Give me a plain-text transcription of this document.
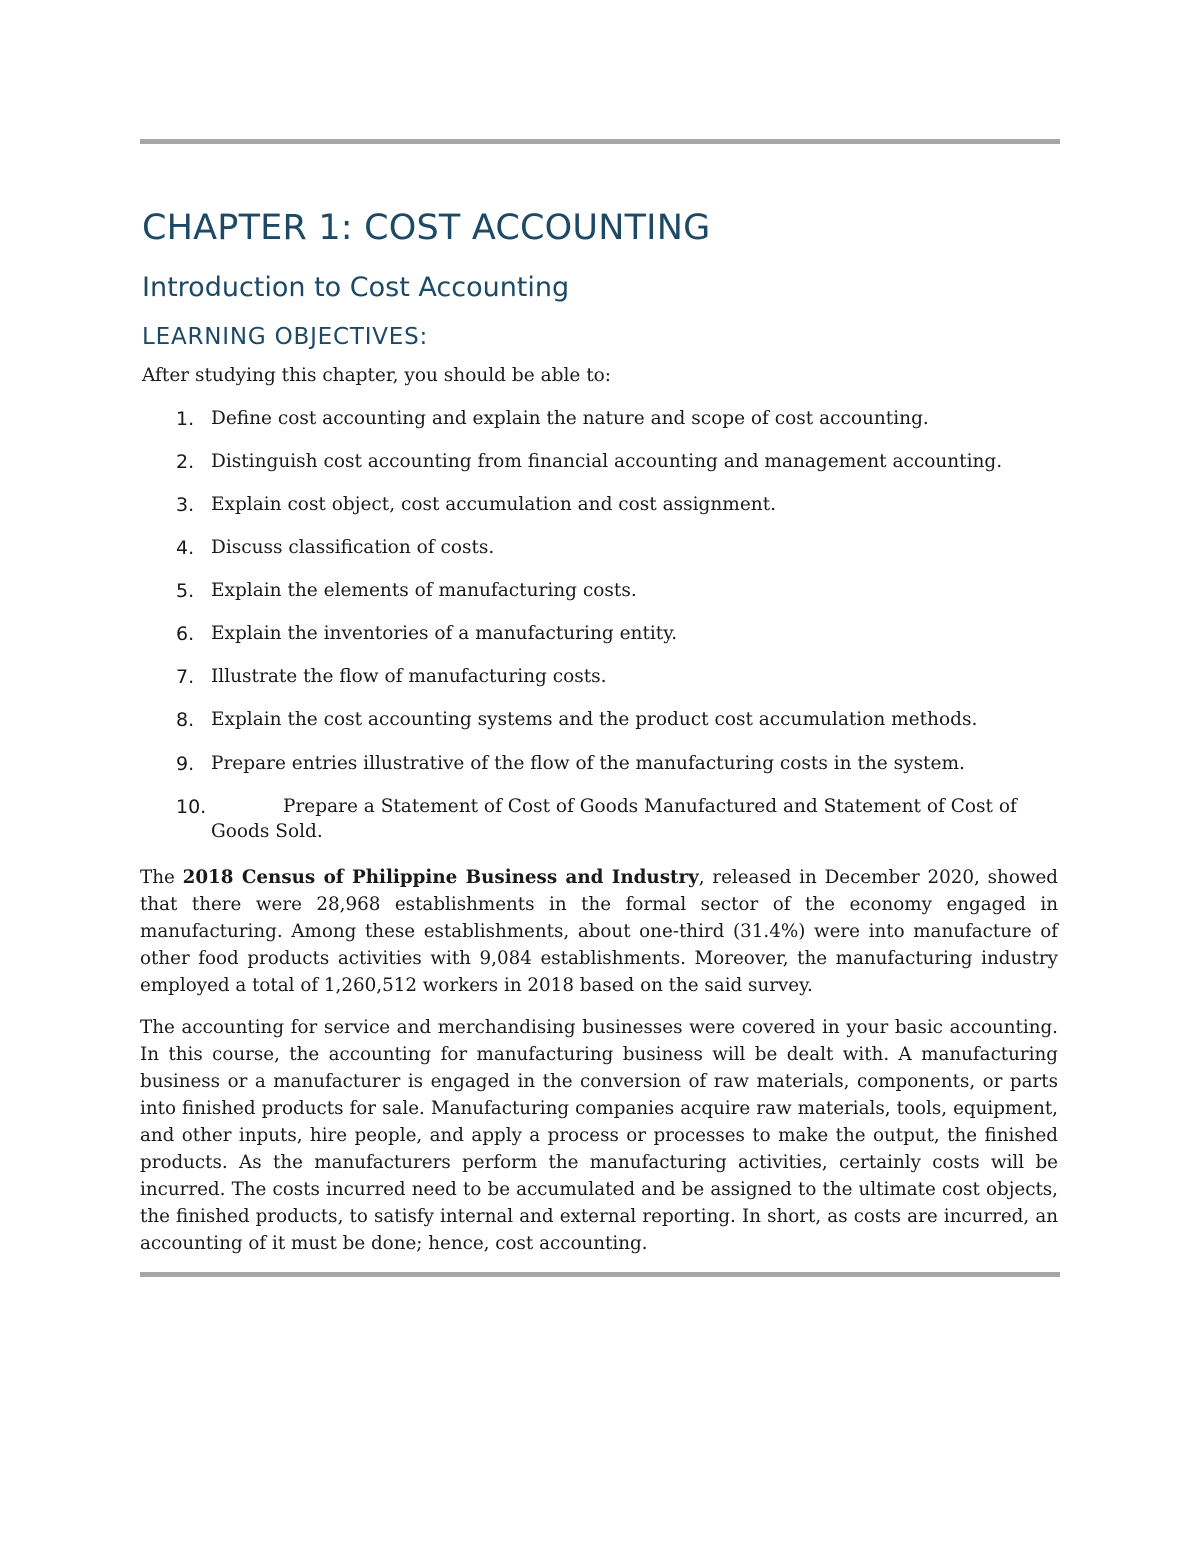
CHAPTER 1: COST ACCOUNTING
Introduction to Cost Accounting
LEARNING OBJECTIVES:

After studying this chapter, you should be able to:

1. Define cost accounting and explain the nature and scope of cost accounting.
2. Distinguish cost accounting from financial accounting and management accounting.
3. Explain cost object, cost accumulation and cost assignment.
4. Discuss classification of costs.
5. Explain the elements of manufacturing costs.
6. Explain the inventories of a manufacturing entity.
7. Illustrate the flow of manufacturing costs.
8. Explain the cost accounting systems and the product cost accumulation methods.
9. Prepare entries illustrative of the flow of the manufacturing costs in the system.
10.	Prepare a Statement of Cost of Goods Manufactured and Statement of Cost of
Goods Sold.

The 2018 Census of Philippine Business and Industry, released in December 2020, showed that there were 28,968 establishments in the formal sector of the economy engaged in manufacturing. Among these establishments, about one-third (31.4%) were into manufacture of other food products activities with 9,084 establishments. Moreover, the manufacturing industry employed a total of 1,260,512 workers in 2018 based on the said survey.

The accounting for service and merchandising businesses were covered in your basic accounting. In this course, the accounting for manufacturing business will be dealt with. A manufacturing business or a manufacturer is engaged in the conversion of raw materials, components, or parts into finished products for sale. Manufacturing companies acquire raw materials, tools, equipment, and other inputs, hire people, and apply a process or processes to make the output, the finished products. As the manufacturers perform the manufacturing activities, certainly costs will be incurred. The costs incurred need to be accumulated and be assigned to the ultimate cost objects, the finished products, to satisfy internal and external reporting. In short, as costs are incurred, an accounting of it must be done; hence, cost accounting.
